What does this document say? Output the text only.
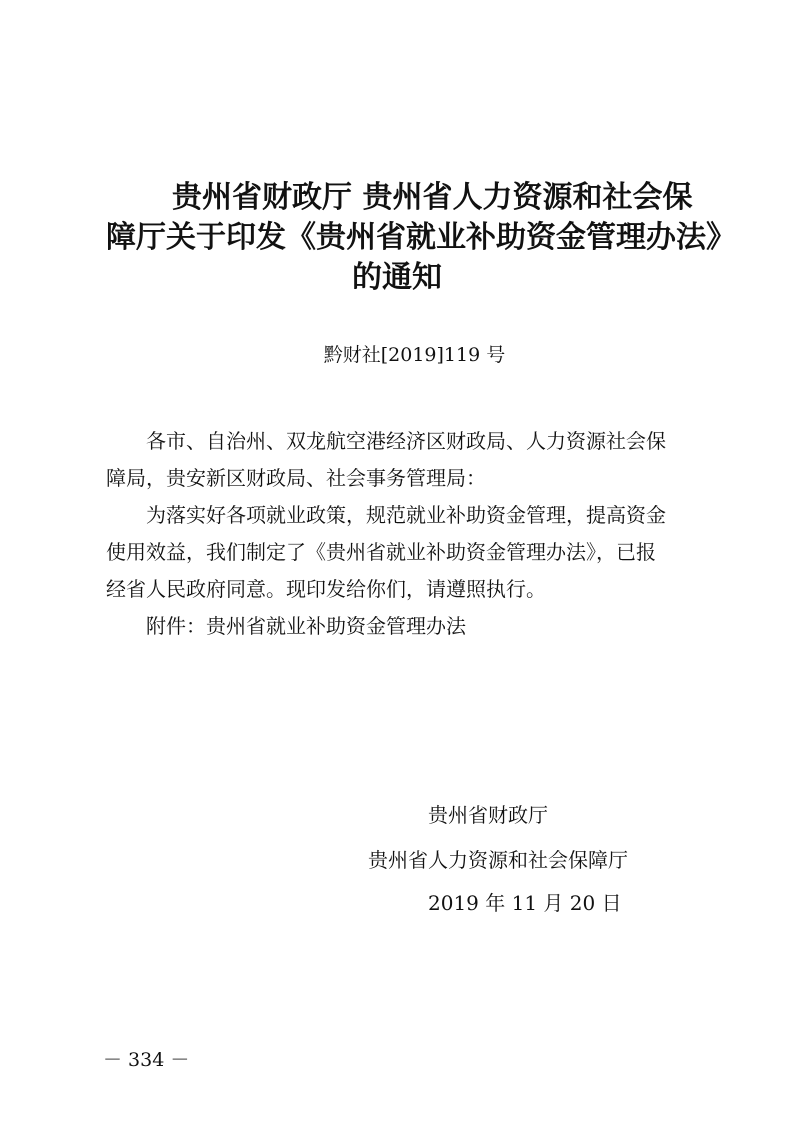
贵州省财政厅 贵州省人力资源和社会保
障厅关于印发《贵州省就业补助资金管理办法》
的通知
黔财社[2019]119 号

各市、自治州、双龙航空港经济区财政局、人力资源社会保

障局，贵安新区财政局、社会事务管理局：

为落实好各项就业政策，规范就业补助资金管理，提高资金

使用效益，我们制定了《贵州省就业补助资金管理办法》，已报
经省人民政府同意。现印发给你们，请遵照执行。

附件：贵州省就业补助资金管理办法

贵州省财政厅
贵州省人力资源和社会保障厅
2019 年 11 月 20 日
－ 334 －
